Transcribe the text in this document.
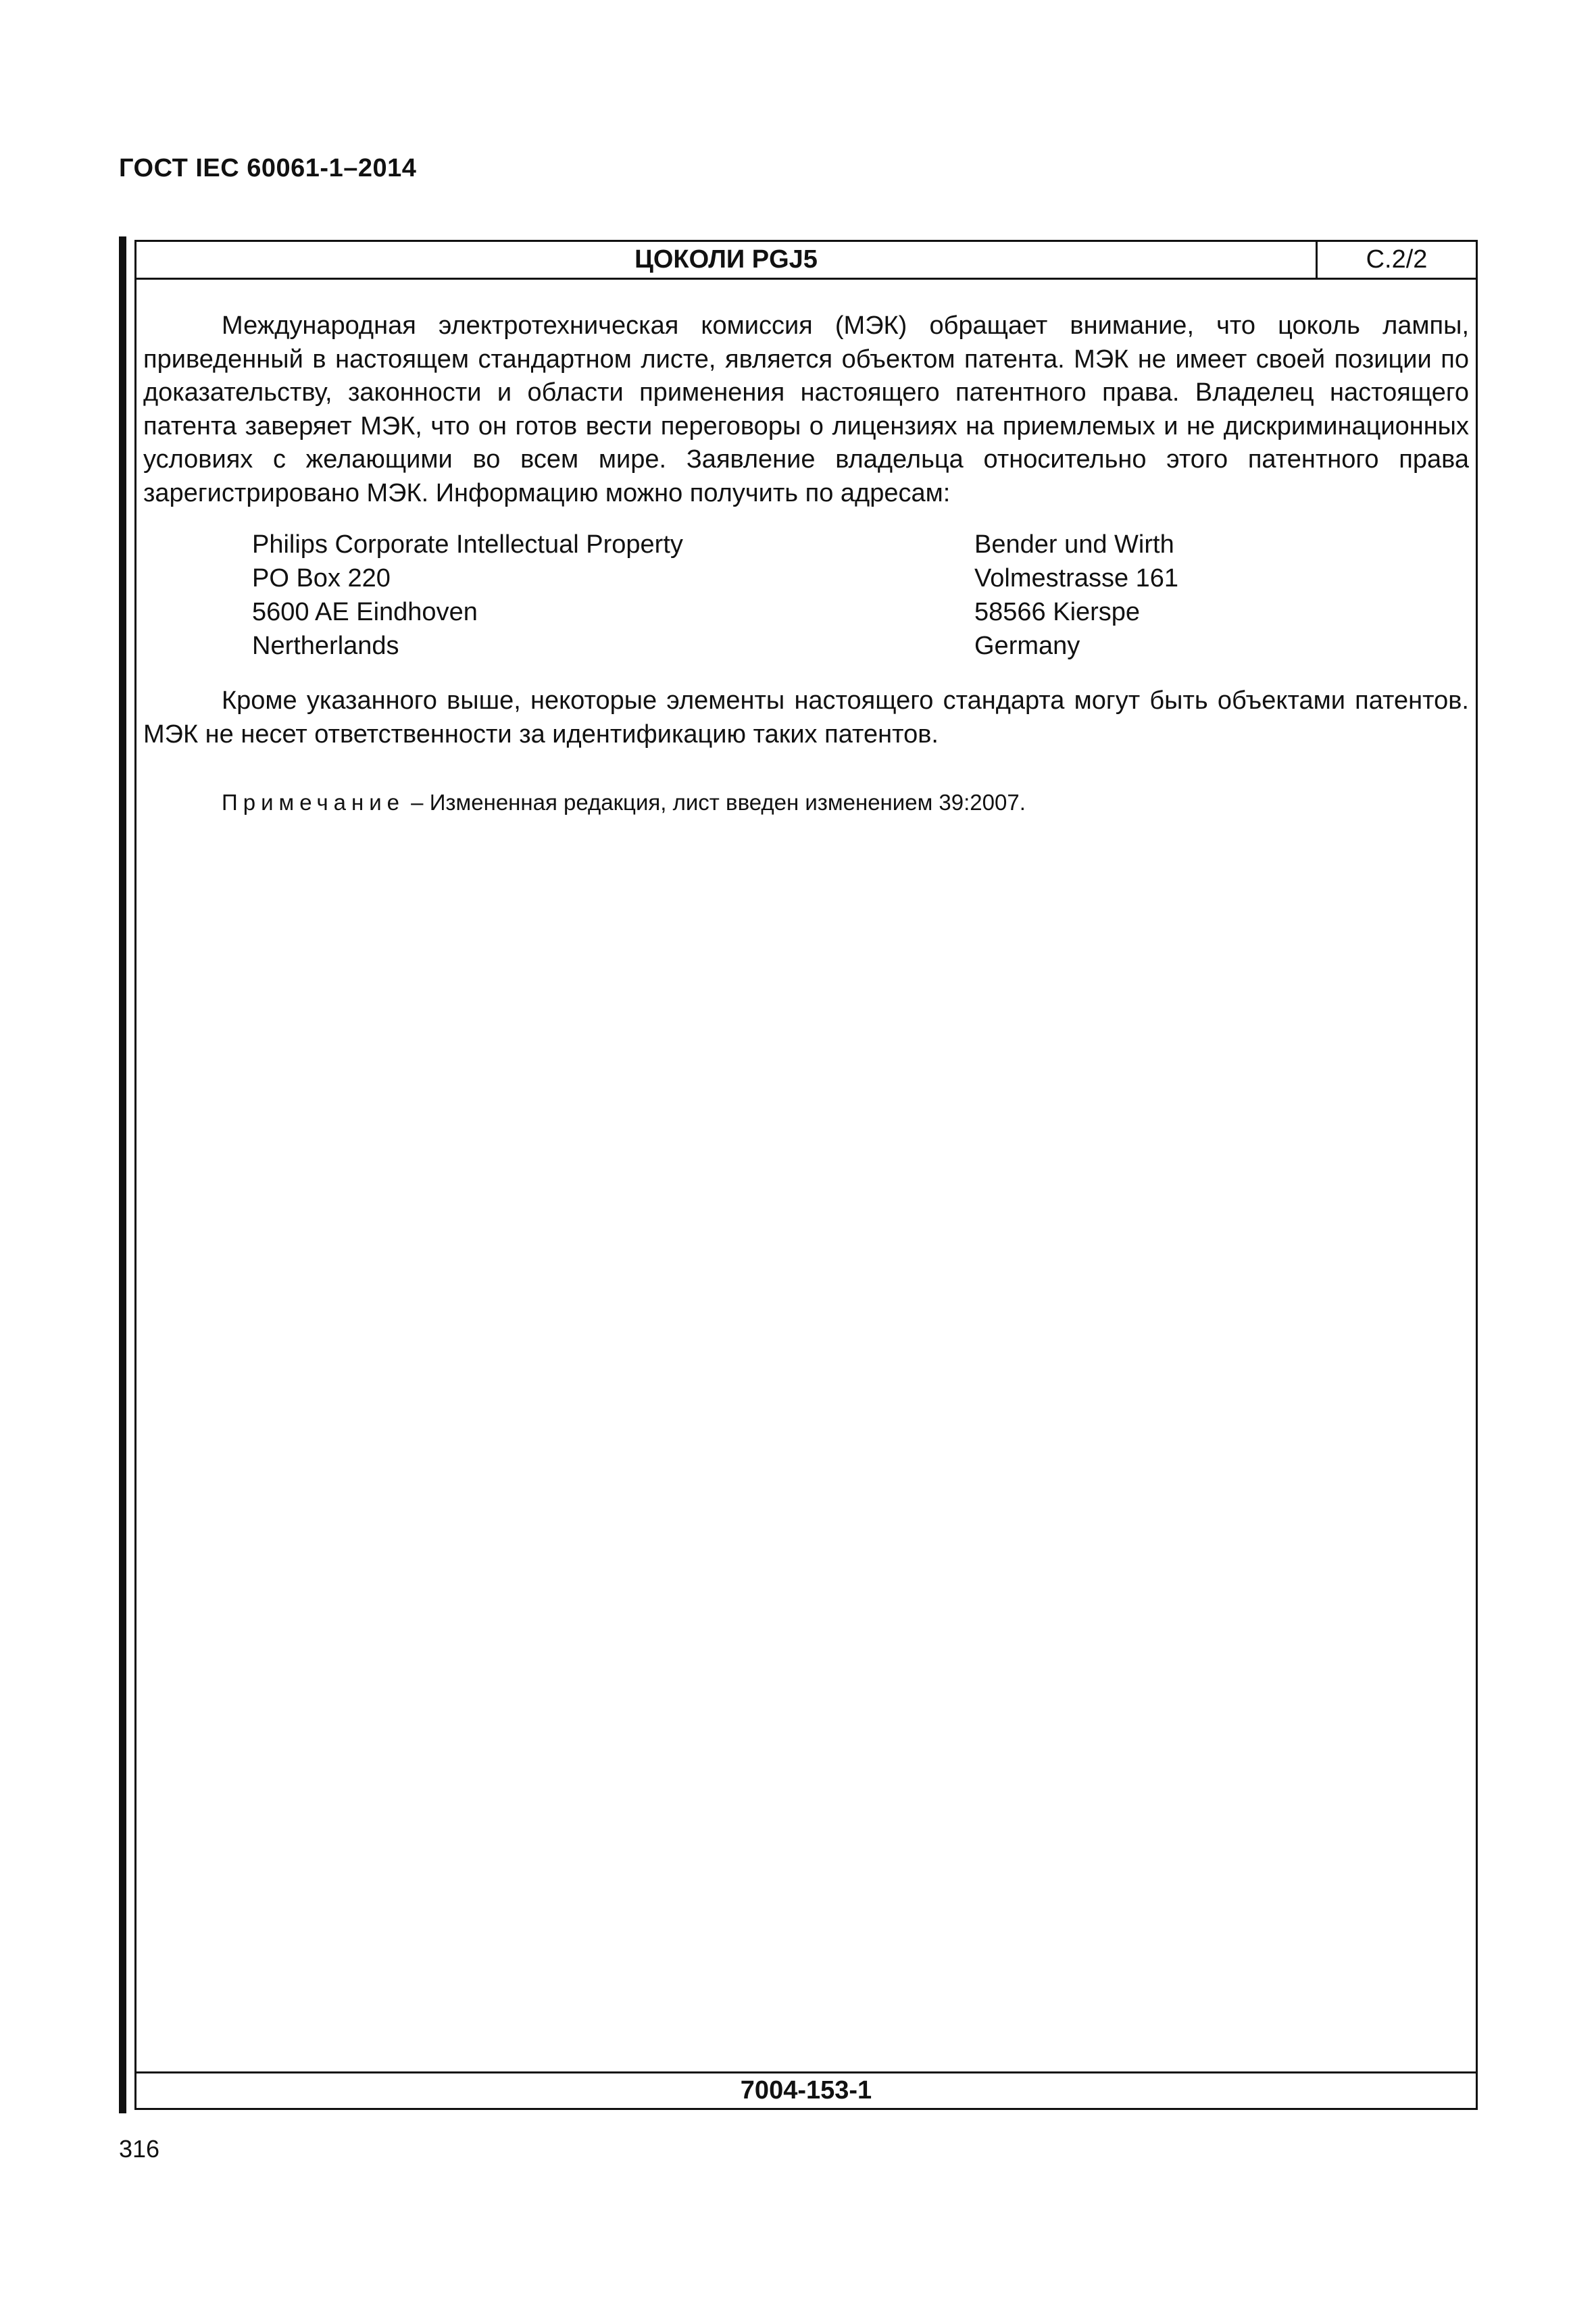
ГОСТ IEC 60061-1–2014
ЦОКОЛИ PGJ5	С.2/2

Международная электротехническая комиссия (МЭК) обращает внимание, что цоколь лампы, приведенный в настоящем стандартном листе, является объектом патента. МЭК не имеет своей позиции по доказательству, законности и области применения настоящего патентного права. Владелец настоящего патента заверяет МЭК, что он готов вести переговоры о лицензиях на приемлемых и не дискриминационных условиях с желающими во всем мире. Заявление владельца относительно этого патентного права зарегистрировано МЭК. Информацию можно получить по адресам:

Philips Corporate Intellectual Property
PO Box 220
5600 AE Eindhoven
Nertherlands
Bender und Wirth
Volmestrasse 161
58566 Kierspe
Germany

Кроме указанного выше, некоторые элементы настоящего стандарта могут быть объектами патентов. МЭК не несет ответственности за идентификацию таких патентов.

Примечание – Измененная редакция, лист введен изменением 39:2007.
7004-153-1
316
